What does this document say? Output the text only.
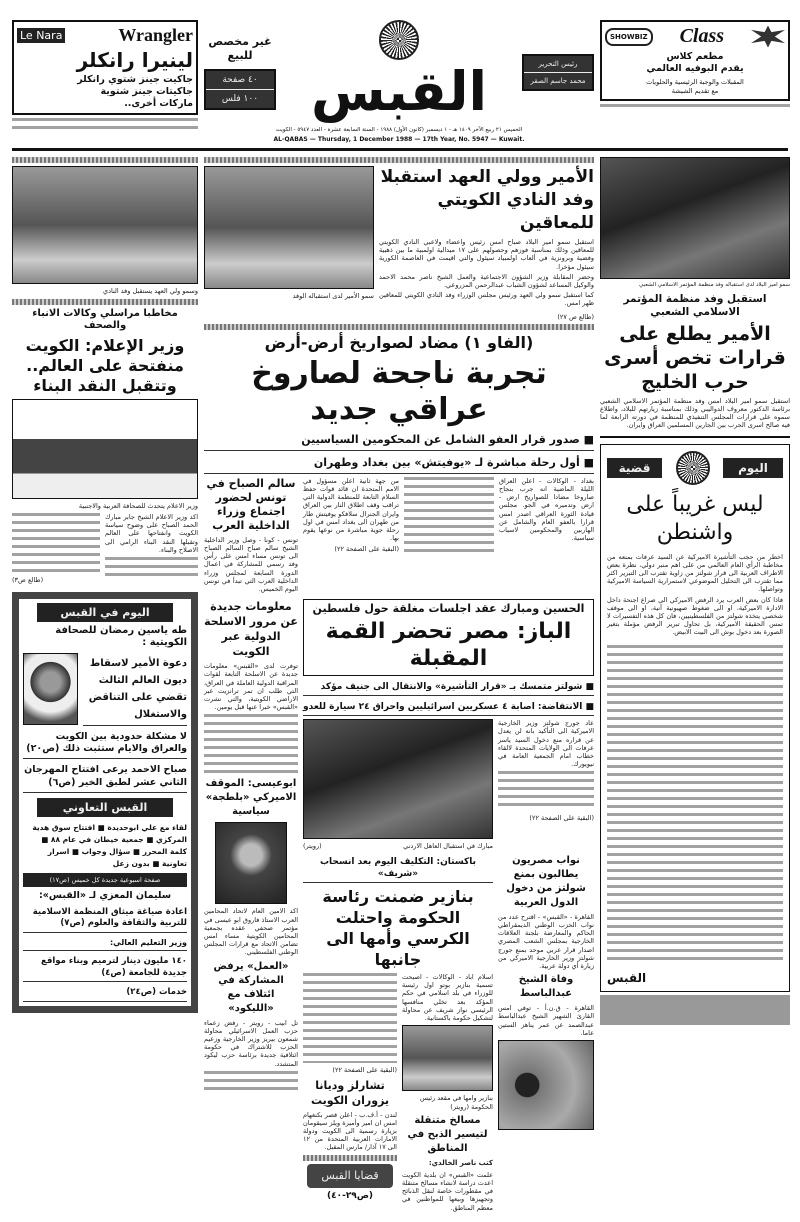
Le Nara	Wrangler
لينيرا رانكلر
جاكيت جينز شتوي رانكلر
جاكيتات جينز شتوية
ماركات أخرى..
غير مخصص للبيع
٤٠ صفحة
١٠٠ فلس القبس	رئيس التحرير
محمد جاسم الصقر
الخميس ٢١ ربيع الآخر ١٤٠٩ هـ - ١ ديسمبر (كانون الأول) ١٩٨٨ - السنة السابعة عشرة - العدد ٥٩٤٧ - الكويت
AL-QABAS — Thursday, 1 December 1988 — 17th Year, No. 5947 — Kuwait.
SHOWBIZ Class
مطعم كلاس
يقدم البوفيه العالمي
المقبلات والوجبة الرئيسية والحلويات
مع تقديم الشيشة
وسمو ولي العهد يستقبل وفد النادي
مخاطبا مراسلي وكالات الانباء والصحف
وزير الإعلام: الكويت منفتحة على العالم.. وتتقبل النقد البناء
وزير الاعلام يتحدث للصحافة العربية والاجنبية
(طالع ص٣)
اكد وزير الاعلام الشيخ جابر مبارك الحمد الصباح على وضوح سياسة الكويت وانفتاحها على العالم وتقبلها النقد البناء الرامي الى الاصلاح والبناء.
اليوم في القبس
طه ياسين رمضان للصحافة الكويتية :
دعوة الأمير لاسقاط ديون العالم الثالث تقضي على التناقض والاستغلال
لا مشكلة حدودية بين الكويت والعراق والايام ستثبت ذلك (ص٢٠)
صباح الاحمد يرعى افتتاح المهرجان الثاني عشر لطبق الخير (ص٦)
القبس التعاوني
لقاء مع علي ابوحديدة ■ افتتاح سوق هدية المركزي ■ جمعية خيطان في عام ٨٨ ■ كلمة المحرر ■ سؤال وجواب ■ اسرار تعاونية ■ بدون زعل
صفحة اسبوعية جديدة كل خميس (ص١٧)
سليمان المعزي لـ «القبس»:
اعادة صياغة ميثاق المنظمة الاسلامية للتربية والثقافة والعلوم (ص٧)
وزير التعليم العالي:
١٤٠ مليون دينار لترميم وبناء مواقع جديدة للجامعة (ص٤)
خدمات (ص٢٤)
سمو الأمير لدى استقباله الوفد
الأمير وولي العهد استقبلا وفد النادي الكويتي للمعاقين

استقبل سمو امير البلاد صباح امس رئيس واعضاء ولاعبي النادي الكويتي للمعاقين وذلك بمناسبة فوزهم وحصولهم على ١٧ ميدالية اولمبية ما بين ذهبية وفضية وبرونزية في ألعاب اولمبياد سيئول والتي اقيمت في العاصمة الكورية سيئول مؤخرا.

وحضر المقابلة وزير الشؤون الاجتماعية والعمل الشيخ ناصر محمد الاحمد والوكيل المساعد لشؤون الشباب عبدالرحمن المزروعي.

كما استقبل سمو ولي العهد ورئيس مجلس الوزراء وفد النادي الكويتي للمعاقين ظهر امس.

(طالع ص ٢٧)
(الفاو ١) مضاد لصواريخ أرض-أرض
تجربة ناجحة لصاروخ عراقي جديد
■ صدور قرار العفو الشامل عن المحكومين السياسيين
■ أول رحلة مباشرة لـ «يوفيتش» بين بغداد وطهران
سالم الصباح في تونس لحضور اجتماع وزراء الداخلية العرب
تونس - كونا - وصل وزير الداخلية الشيخ سالم صباح السالم الصباح الى تونس مساء امس على رأس وفد رسمي للمشاركة في اعمال الدورة السابعة لمجلس وزراء الداخلية العرب التي تبدأ في تونس اليوم الخميس.
من جهة ثانية اعلن مسؤول في الامم المتحدة ان قائد قوات حفظ السلام التابعة للمنظمة الدولية التي تراقب وقف اطلاق النار بين العراق وايران الجنرال سلافكو يوفيتش طار من طهران الى بغداد امس في اول رحلة جوية مباشرة من نوعها يقوم بها.
(البقية على الصفحة ٢٢)
بغداد - الوكالات - اعلن العراق الليلة الماضية انه جرب بنجاح صاروخا مضادا للصواريخ ارض - ارض وتدميره في الجو. مجلس قيادة الثورة العراقي اصدر امس قرارا بالعفو العام والشامل عن الهاربين والمحكومين لاسباب سياسية.
معلومات جديدة عن مرور الاسلحة الدولية عبر الكويت
توفرت لدى «القبس» معلومات جديدة عن الاسلحة التابعة لقوات المراقبة الدولية العاملة في العراق، التي طلب ان تمر ترانزيت عبر الاراضي الكويتية، والتي نشرت «القبس» خبرا عنها قبل يومين.
ابوعيسى: الموقف الاميركي «بلطجة» سياسية
اكد الامين العام لاتحاد المحامين العرب الاستاذ فاروق ابو عيسى في مؤتمر صحفي عقده بجمعية المحامين الكويتية مساء امس تضامن الاتحاد مع قرارات المجلس الوطني الفلسطيني.
«العمل» يرفض المشاركة في ائتلاف مع «الليكود»
تل ابيب - رويتر - رفض زعماء حزب العمل الاسرائيلي محاولة شمعون بيريز وزير الخارجية وزعيم الحزب للاشتراك في حكومة ائتلافية جديدة برئاسة حزب ليكود المتشدد.
الحسين ومبارك عقد اجلسات مغلقة حول فلسطين
الباز: مصر تحضر القمة المقبلة
■ شولتز متمسك بـ «قرار التأشيرة» والانتقال الى جنيف مؤكد
■ الانتفاضة: اصابة ٤ عسكريين اسرائيليين واحراق ٢٤ سيارة للعدو
(رويتر)	مبارك في استقبال العاهل الاردني
عاد جورج شولتز وزير الخارجية الاميركية الى التأكيد بانه لن يعدل عن قراره منع دخول السيد ياسر عرفات الى الولايات المتحدة لالقاء خطاب امام الجمعية العامة في نيويورك.
(البقية على الصفحة ٢٢)
باكستان: التكليف اليوم بعد انسحاب «شريف»
بنازير ضمنت رئاسة الحكومة واحتلت الكرسي وأمها الى جانبها
(البقية على الصفحة ٢٢)
تشارلز وديانا يزوران الكويت
لندن - أ.ف.ب - اعلن قصر بكنغهام امس ان امير وأميرة ويلز سيقومان بزيارة رسمية الى الكويت ودولة الامارات العربية المتحدة من ١٢ الى ١٧ آذار/ مارس المقبل.
قضايا القبس
(ص٢٩-٤٠)
اسلام اباد - الوكالات - اصبحت تسمية بنازير بوتو اول رئيسة للوزراء في بلد اسلامي في حكم المؤكد بعد تخلي منافسها الرئيسي نواز شريف عن محاولة لتشكيل حكومة باكستانية.
بنازير وامها في مقعد رئيس الحكومة (رويتر)
مسالخ متنقلة لتيسير الذبح في المناطق
كتب ناصر الخالدي:
علمت «القبس» ان بلدية الكويت اعدت دراسة لانشاء مسالخ متنقلة في مقطورات خاصة لنقل الذبائح وتجهيزها وبيعها للمواطنين في معظم المناطق.
نواب مصريون يطالبون بمنع شولتز من دخول الدول العربية
القاهرة - «القبس» - اقترح عدد من نواب الحزب الوطني الديمقراطي الحاكم والمعارضة بلجنة العلاقات الخارجية بمجلس الشعب المصري اصدار قرار عربي موحد بمنع جورج شولتز وزير الخارجية الاميركي من زيارة أي دولة عربية.
وفاة الشيخ عبدالباسط
القاهرة - ق.ن.أ - توفي امس القارئ الشهير الشيخ عبدالباسط عبدالصمد عن عمر يناهز الستين عاما.
سمو امير البلاد لدى استقباله وفد منظمة المؤتمر الاسلامي الشعبي
استقبل وفد منظمة المؤتمر الاسلامي الشعبي
الأمير يطلع على قرارات تخص أسرى حرب الخليج
استقبل سمو امير البلاد امس وفد منظمة المؤتمر الاسلامي الشعبي برئاسة الدكتور معروف الدواليبي وذلك بمناسبة زيارتهم للبلاد، واطلاع سموه على قرارات المجلس التنفيذي للمنظمة في دورته الرابعة لما فيه صالح اسرى الحرب بين الجارين المسلمين العراق وايران.
قضية	اليوم
ليس غريباً على واشنطن

اخطر من حجب التأشيرة الاميركية عن السيد عرفات بمنعه من مخاطبة الرأي العام العالمي من على اهم منبر دولي، نظرة بعض الاطراف العربية الى قرار شولتز من زاوية تقترب الى التبرير اكثر مما تقترب الى التحليل الموضوعي لاستمرارية السياسة الاميركية وتواصلها.

فاذا كان بعض العرب يرد الرفض الاميركي الى صراع اجنحة داخل الادارة الاميركية، او الى ضغوط صهيونية آنية، او الى موقف شخصي يتخذه شولتز من الفلسطينيين، فان كل هذه التفسيرات لا تمس الحقيقة الاميركية، بل تحاول تبرير الرفض مؤملة بتغير الصورة بعد دخول بوش الى البيت الابيض.

القبس
